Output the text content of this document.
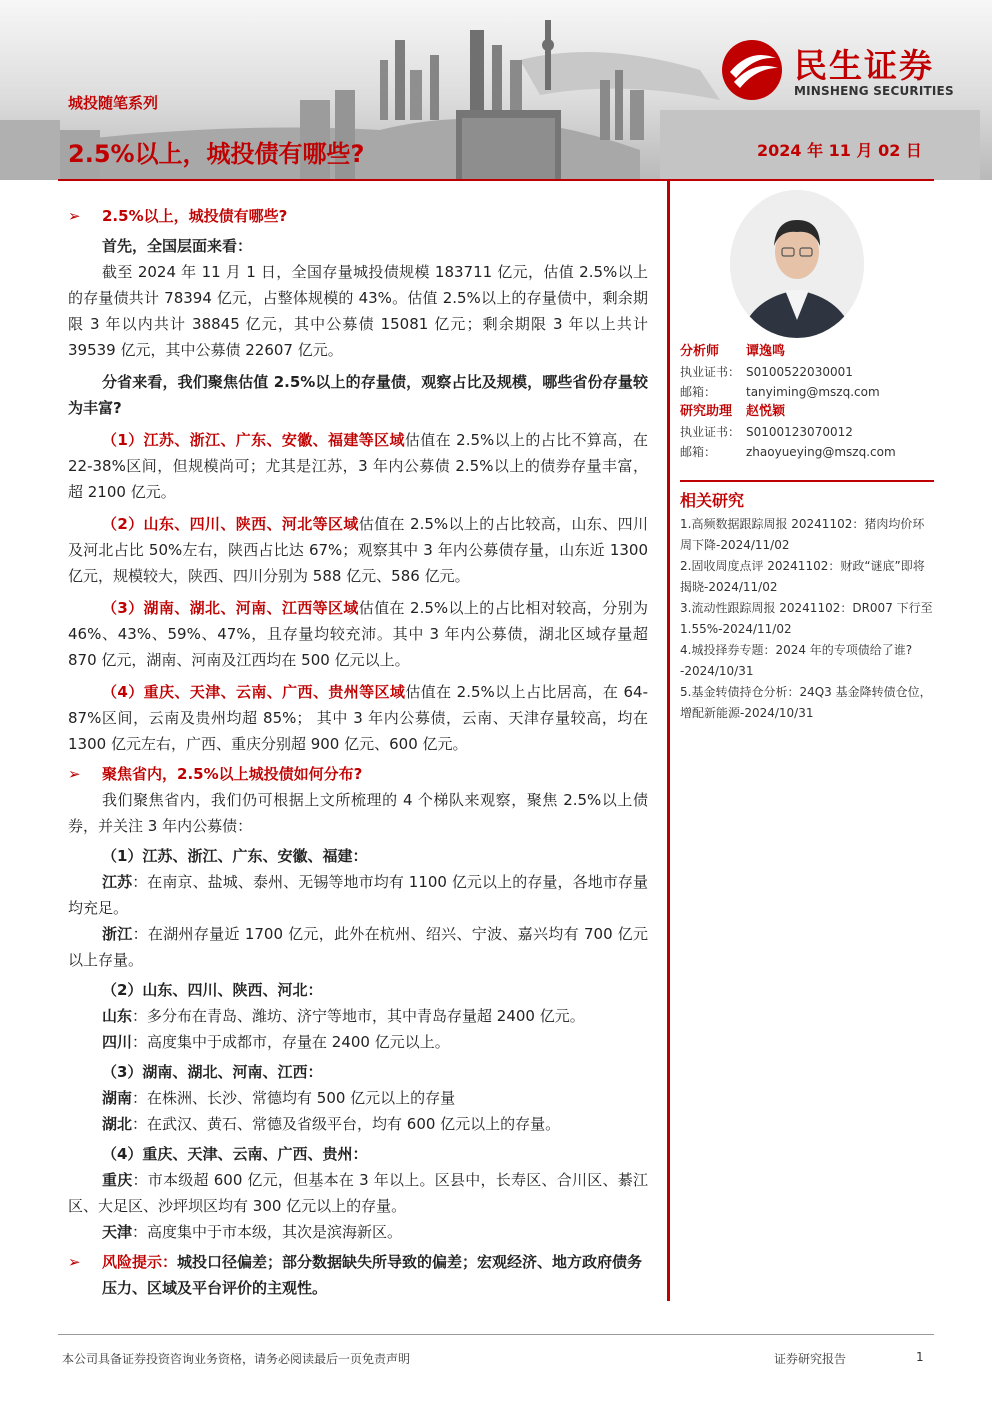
城投随笔系列
2.5%以上，城投债有哪些?	2024 年 11 月 02 日
民生证券
MINSHENG SECURITIES
➢	2.5%以上，城投债有哪些?

首先，全国层面来看：

截至 2024 年 11 月 1 日，全国存量城投债规模 183711 亿元，估值 2.5%以上的存量债共计 78394 亿元，占整体规模的 43%。估值 2.5%以上的存量债中，剩余期限 3 年以内共计 38845 亿元，其中公募债 15081 亿元；剩余期限 3 年以上共计 39539 亿元，其中公募债 22607 亿元。

分省来看，我们聚焦估值 2.5%以上的存量债，观察占比及规模，哪些省份存量较为丰富?

（1）江苏、浙江、广东、安徽、福建等区域估值在 2.5%以上的占比不算高，在 22-38%区间，但规模尚可；尤其是江苏，3 年内公募债 2.5%以上的债券存量丰富，超 2100 亿元。

（2）山东、四川、陕西、河北等区域估值在 2.5%以上的占比较高，山东、四川及河北占比 50%左右，陕西占比达 67%；观察其中 3 年内公募债存量，山东近 1300 亿元，规模较大，陕西、四川分别为 588 亿元、586 亿元。

（3）湖南、湖北、河南、江西等区域估值在 2.5%以上的占比相对较高，分别为 46%、43%、59%、47%，且存量均较充沛。其中 3 年内公募债，湖北区域存量超 870 亿元，湖南、河南及江西均在 500 亿元以上。

（4）重庆、天津、云南、广西、贵州等区域估值在 2.5%以上占比居高，在 64-87%区间，云南及贵州均超 85%； 其中 3 年内公募债，云南、天津存量较高，均在 1300 亿元左右，广西、重庆分别超 900 亿元、600 亿元。

➢	聚焦省内，2.5%以上城投债如何分布?

我们聚焦省内，我们仍可根据上文所梳理的 4 个梯队来观察，聚焦 2.5%以上债券，并关注 3 年内公募债：

（1）江苏、浙江、广东、安徽、福建：

江苏：在南京、盐城、泰州、无锡等地市均有 1100 亿元以上的存量，各地市存量均充足。

浙江：在湖州存量近 1700 亿元，此外在杭州、绍兴、宁波、嘉兴均有 700 亿元以上存量。

（2）山东、四川、陕西、河北：

山东：多分布在青岛、潍坊、济宁等地市，其中青岛存量超 2400 亿元。

四川：高度集中于成都市，存量在 2400 亿元以上。

（3）湖南、湖北、河南、江西：

湖南：在株洲、长沙、常德均有 500 亿元以上的存量

湖北：在武汉、黄石、常德及省级平台，均有 600 亿元以上的存量。

（4）重庆、天津、云南、广西、贵州：

重庆：市本级超 600 亿元，但基本在 3 年以上。区县中，长寿区、合川区、綦江区、大足区、沙坪坝区均有 300 亿元以上的存量。

天津：高度集中于市本级，其次是滨海新区。

➢	风险提示：城投口径偏差；部分数据缺失所导致的偏差；宏观经济、地方政府债务压力、区域及平台评价的主观性。
分析师	谭逸鸣
执业证书： S0100522030001
邮箱：	tanyiming@mszq.com
研究助理	赵悦颖
执业证书： S0100123070012
邮箱：	zhaoyueying@mszq.com
相关研究
1.高频数据跟踪周报 20241102：猪肉均价环周下降-2024/11/02
2.固收周度点评 20241102：财政“谜底”即将揭晓-2024/11/02
3.流动性跟踪周报 20241102：DR007 下行至 1.55%-2024/11/02
4.城投择券专题：2024 年的专项债给了谁?-2024/10/31
5.基金转债持仓分析：24Q3 基金降转债仓位，增配新能源-2024/10/31
本公司具备证券投资咨询业务资格，请务必阅读最后一页免责声明	证券研究报告	1
